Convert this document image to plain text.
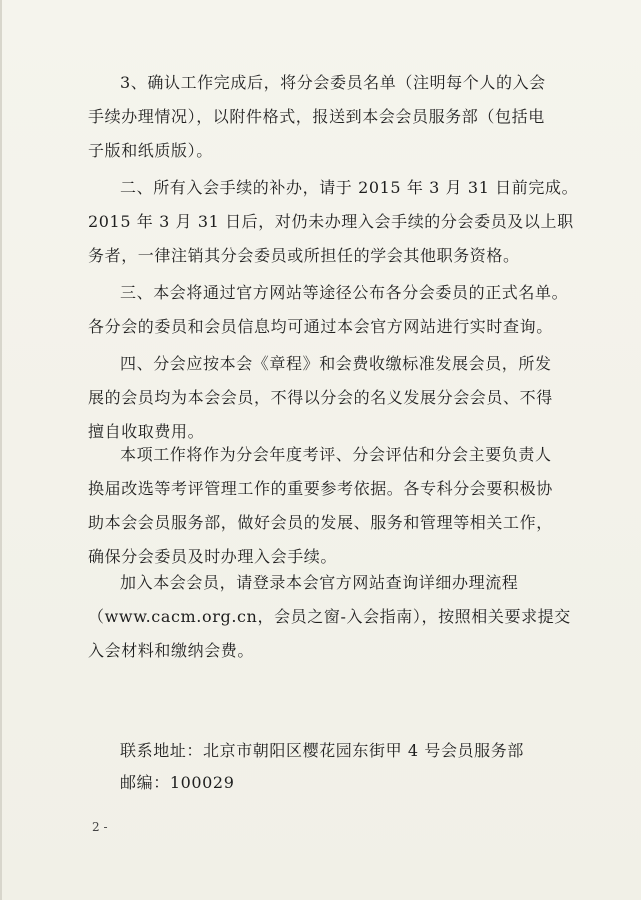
3、确认工作完成后，将分会委员名单（注明每个人的入会
手续办理情况），以附件格式，报送到本会会员服务部（包括电
子版和纸质版）。
二、所有入会手续的补办，请于 2015 年 3 月 31 日前完成。
2015 年 3 月 31 日后，对仍未办理入会手续的分会委员及以上职
务者，一律注销其分会委员或所担任的学会其他职务资格。
三、本会将通过官方网站等途径公布各分会委员的正式名单。
各分会的委员和会员信息均可通过本会官方网站进行实时查询。
四、分会应按本会《章程》和会费收缴标准发展会员，所发
展的会员均为本会会员，不得以分会的名义发展分会会员、不得
擅自收取费用。
本项工作将作为分会年度考评、分会评估和分会主要负责人
换届改选等考评管理工作的重要参考依据。各专科分会要积极协
助本会会员服务部，做好会员的发展、服务和管理等相关工作，
确保分会委员及时办理入会手续。
加入本会会员，请登录本会官方网站查询详细办理流程
（www.cacm.org.cn，会员之窗-入会指南），按照相关要求提交
入会材料和缴纳会费。
联系地址：北京市朝阳区樱花园东街甲 4 号会员服务部
邮编：100029
2 -
